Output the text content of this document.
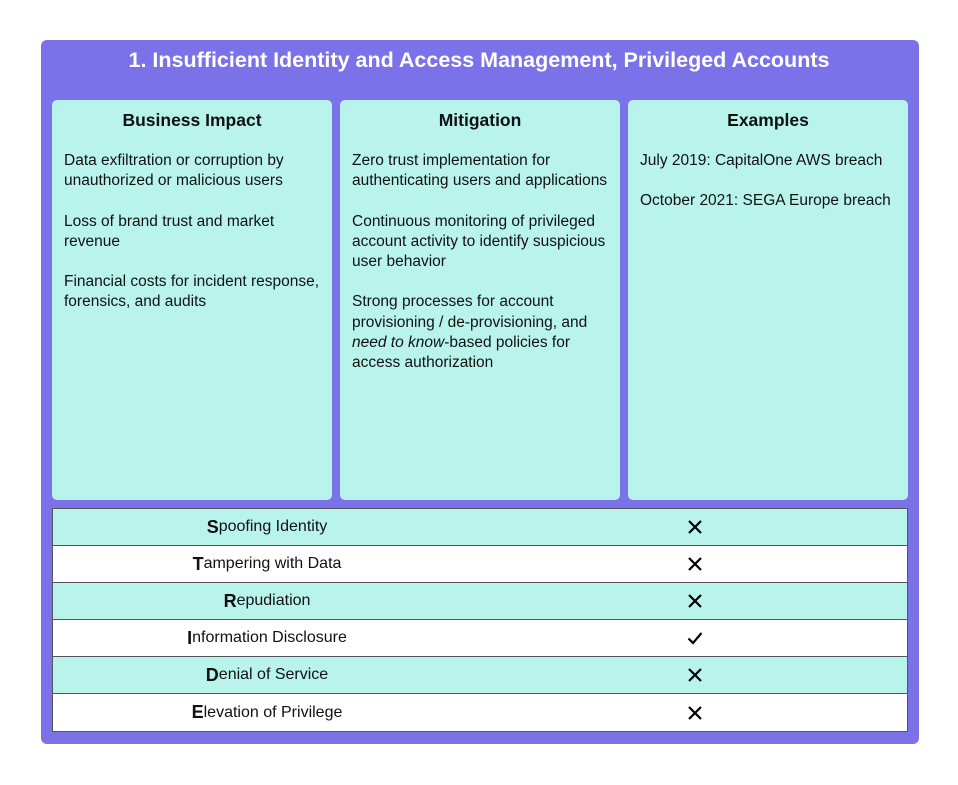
1. Insufficient Identity and Access Management, Privileged Accounts
Business Impact

Data exfiltration or corruption by unauthorized or malicious users

Loss of brand trust and market revenue

Financial costs for incident response, forensics, and audits

Mitigation

Zero trust implementation for authenticating users and applications

Continuous monitoring of privileged account activity to identify suspicious user behavior

Strong processes for account provisioning / de-provisioning, and need to know-based policies for access authorization

Examples

July 2019: CapitalOne AWS breach

October 2021: SEGA Europe breach

S poofing Identity
T ampering with Data
R epudiation
I nformation Disclosure
D enial of Service
E levation of Privilege
